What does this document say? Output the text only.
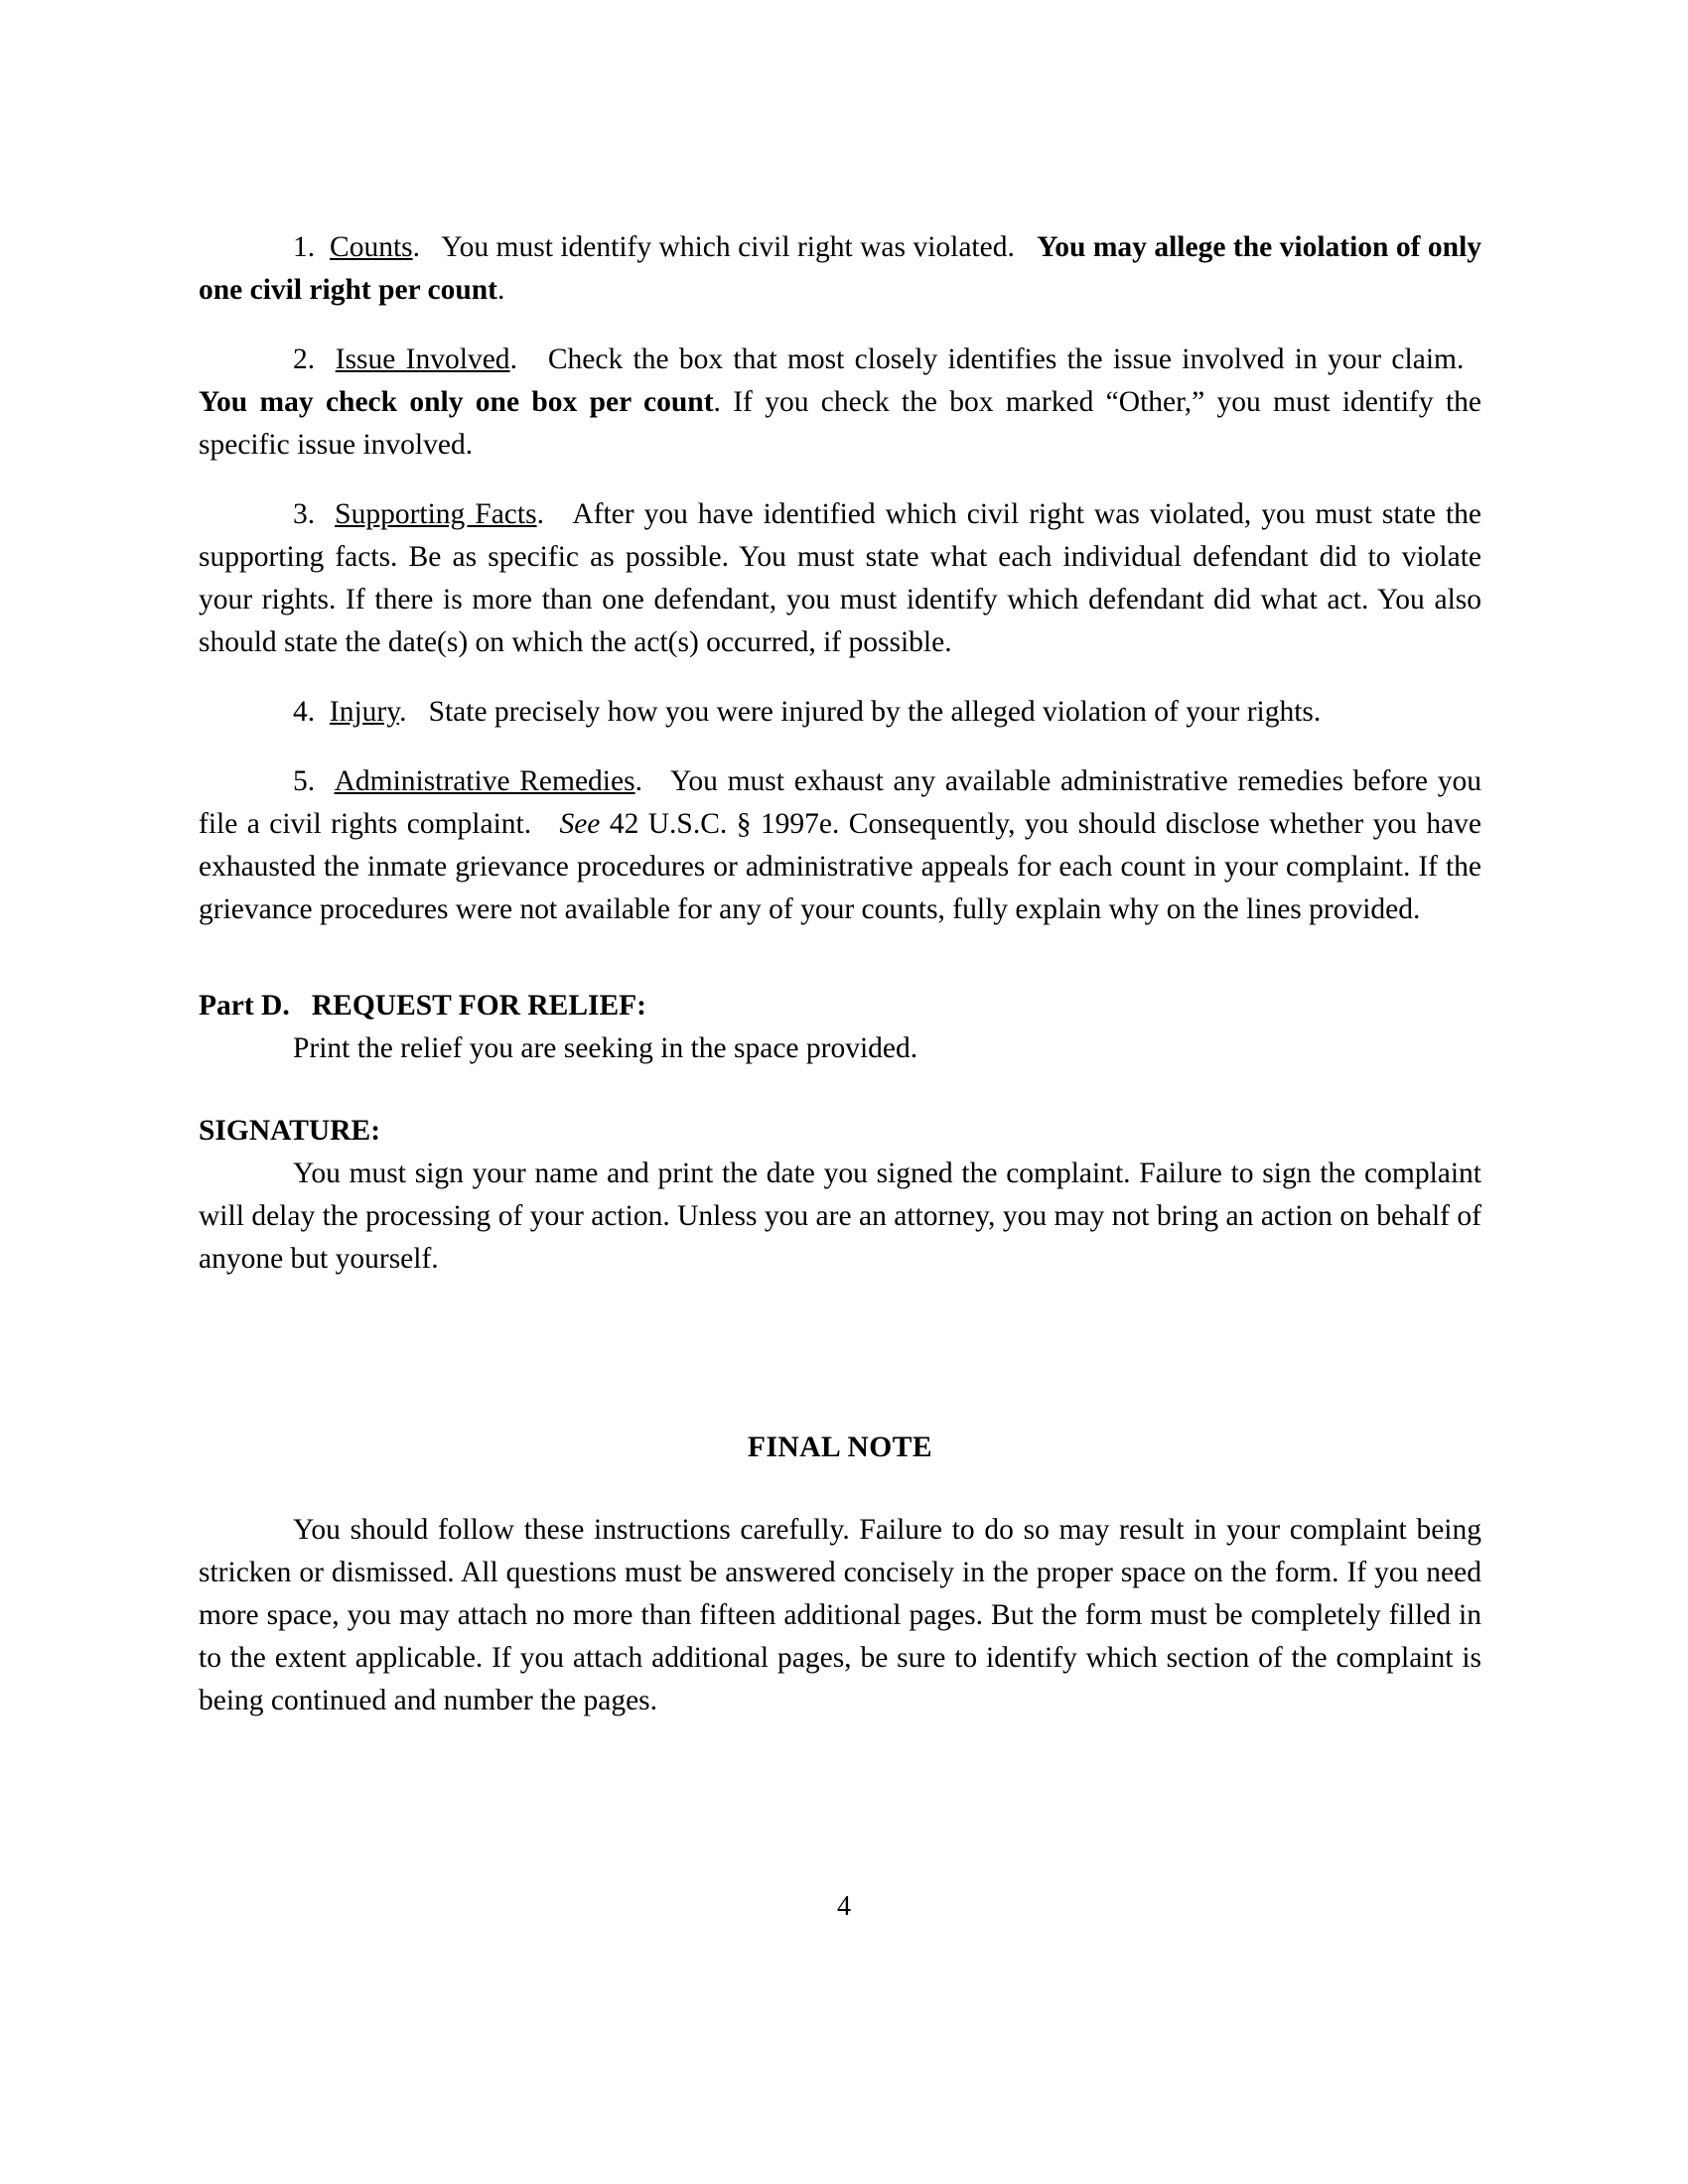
1. Counts. You must identify which civil right was violated. You may allege the violation of only one civil right per count.

2. Issue Involved. Check the box that most closely identifies the issue involved in your claim.   You may check only one box per count. If you check the box marked “Other,” you must identify the specific issue involved.

3. Supporting Facts. After you have identified which civil right was violated, you must state the supporting facts. Be as specific as possible. You must state what each individual defendant did to violate your rights. If there is more than one defendant, you must identify which defendant did what act. You also should state the date(s) on which the act(s) occurred, if possible.

4. Injury. State precisely how you were injured by the alleged violation of your rights.

5. Administrative Remedies. You must exhaust any available administrative remedies before you file a civil rights complaint. See 42 U.S.C. § 1997e. Consequently, you should disclose whether you have exhausted the inmate grievance procedures or administrative appeals for each count in your complaint. If the grievance procedures were not available for any of your counts, fully explain why on the lines provided.

Part D.   REQUEST FOR RELIEF:

Print the relief you are seeking in the space provided.

SIGNATURE:

You must sign your name and print the date you signed the complaint. Failure to sign the complaint will delay the processing of your action. Unless you are an attorney, you may not bring an action on behalf of anyone but yourself.

FINAL NOTE

You should follow these instructions carefully. Failure to do so may result in your complaint being stricken or dismissed. All questions must be answered concisely in the proper space on the form. If you need more space, you may attach no more than fifteen additional pages. But the form must be completely filled in to the extent applicable. If you attach additional pages, be sure to identify which section of the complaint is being continued and number the pages.

4
